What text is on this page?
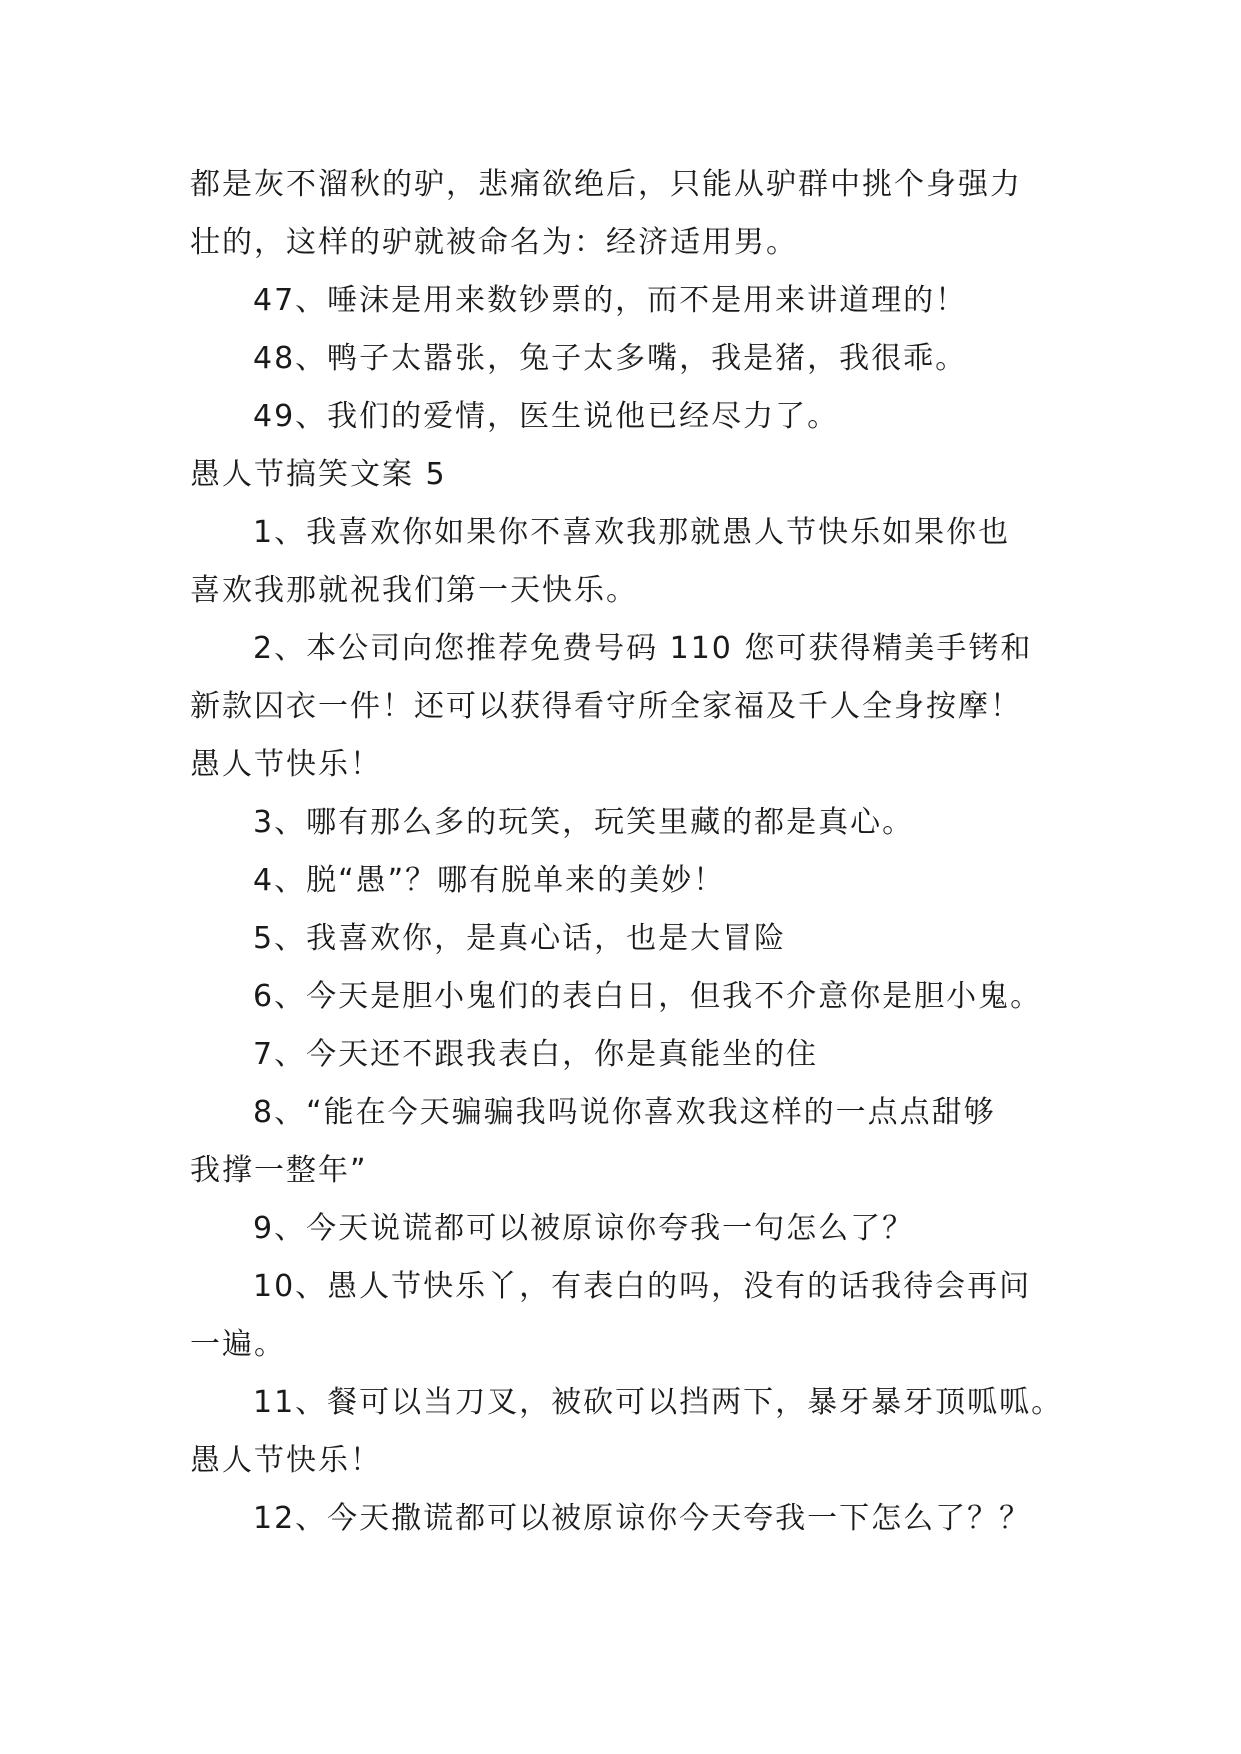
都是灰不溜秋的驴，悲痛欲绝后，只能从驴群中挑个身强力
壮的，这样的驴就被命名为：经济适用男。
47、唾沫是用来数钞票的，而不是用来讲道理的！
48、鸭子太嚣张，兔子太多嘴，我是猪，我很乖。
49、我们的爱情，医生说他已经尽力了。
愚人节搞笑文案 5
1、我喜欢你如果你不喜欢我那就愚人节快乐如果你也
喜欢我那就祝我们第一天快乐。
2、本公司向您推荐免费号码 110 您可获得精美手铐和
新款囚衣一件！还可以获得看守所全家福及千人全身按摩！
愚人节快乐！
3、哪有那么多的玩笑，玩笑里藏的都是真心。
4、脱“愚”？哪有脱单来的美妙！
5、我喜欢你，是真心话，也是大冒险
6、今天是胆小鬼们的表白日，但我不介意你是胆小鬼。
7、今天还不跟我表白，你是真能坐的住
8、“能在今天骗骗我吗说你喜欢我这样的一点点甜够
我撑一整年”
9、今天说谎都可以被原谅你夸我一句怎么了？
10、愚人节快乐丫，有表白的吗，没有的话我待会再问
一遍。
11、餐可以当刀叉，被砍可以挡两下，暴牙暴牙顶呱呱。
愚人节快乐！
12、今天撒谎都可以被原谅你今天夸我一下怎么了？？
